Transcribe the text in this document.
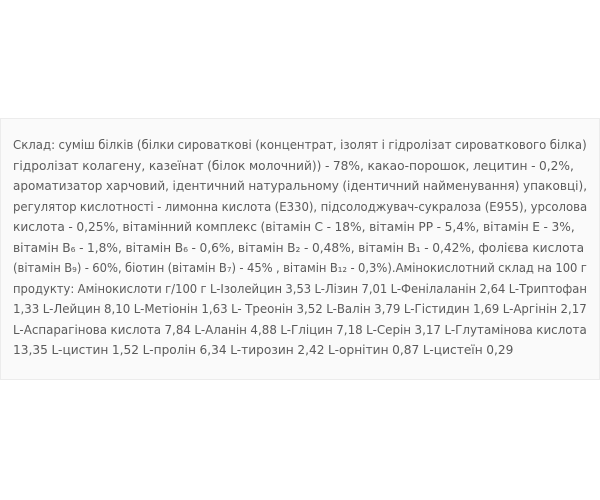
Склад: суміш білків (білки сироваткові (концентрат, ізолят і гідролізат сироваткового білка)

гідролізат колагену, казеїнат (білок молочний)) - 78%, какао-порошок, лецитин - 0,2%,
ароматизатор харчовий, ідентичний натуральному (ідентичний найменування) упаковці),
регулятор кислотності - лимонна кислота (Е330), підсолоджувач-сукралоза (Е955), урсолова

кислота - 0,25%, вітамінний комплекс (вітамін С - 18%, вітамін РР - 5,4%, вітамін Е - 3%,
вітамін B₆ - 1,8%, вітамін B₆ - 0,6%, вітамін B₂ - 0,48%, вітамін B₁ - 0,42%, фолієва кислота
(вітамін B₉) - 60%, біотин (вітамін B₇) - 45% , вітамін B₁₂ - 0,3%).Амінокислотний склад на 100 г
продукту: Амінокислоти г/100 г L-Ізолейцин 3,53 L-Лізин 7,01 L-Фенілаланін 2,64 L-Триптофан
1,33 L-Лейцин 8,10 L-Метіонін 1,63 L- Треонін 3,52 L-Валін 3,79 L-Гістидин 1,69 L-Аргінін 2,17
L-Аспарагінова кислота 7,84 L-Аланін 4,88 L-Гліцин 7,18 L-Серін 3,17 L-Глутамінова кислота

13,35 L-цистин 1,52 L-пролін 6,34 L-тирозин 2,42 L-орнітин 0,87 L-цистеїн 0,29
